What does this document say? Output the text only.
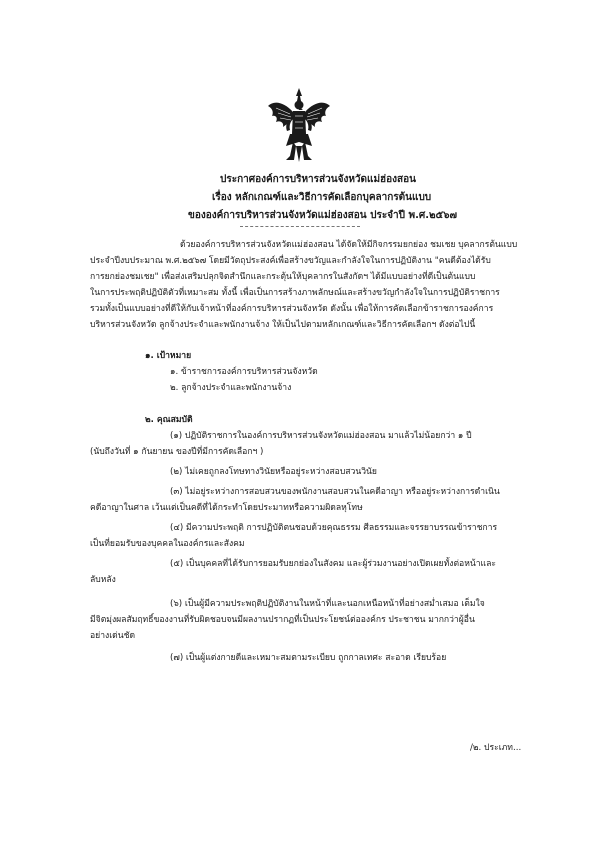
ประกาศองค์การบริหารส่วนจังหวัดแม่ฮ่องสอน
เรื่อง หลักเกณฑ์และวิธีการคัดเลือกบุคลากรต้นแบบ
ขององค์การบริหารส่วนจังหวัดแม่ฮ่องสอน ประจำปี พ.ศ.๒๕๖๗
ด้วยองค์การบริหารส่วนจังหวัดแม่ฮ่องสอน ได้จัดให้มีกิจกรรมยกย่อง ชมเชย บุคลากรต้นแบบ
ประจำปีงบประมาณ พ.ศ.๒๕๖๗ โดยมีวัตถุประสงค์เพื่อสร้างขวัญและกำลังใจในการปฏิบัติงาน "คนดีต้องได้รับ
การยกย่องชมเชย" เพื่อส่งเสริมปลุกจิตสำนึกและกระตุ้นให้บุคลากรในสังกัดฯ ได้มีแบบอย่างที่ดีเป็นต้นแบบ
ในการประพฤติปฏิบัติตัวที่เหมาะสม ทั้งนี้ เพื่อเป็นการสร้างภาพลักษณ์และสร้างขวัญกำลังใจในการปฏิบัติราชการ
รวมทั้งเป็นแบบอย่างที่ดีให้กับเจ้าหน้าที่องค์การบริหารส่วนจังหวัด ดังนั้น เพื่อให้การคัดเลือกข้าราชการองค์การ
บริหารส่วนจังหวัด ลูกจ้างประจำและพนักงานจ้าง ให้เป็นไปตามหลักเกณฑ์และวิธีการคัดเลือกฯ ดังต่อไปนี้
๑. เป้าหมาย
๑. ข้าราชการองค์การบริหารส่วนจังหวัด
๒. ลูกจ้างประจำและพนักงานจ้าง
๒. คุณสมบัติ
(๑) ปฏิบัติราชการในองค์การบริหารส่วนจังหวัดแม่ฮ่องสอน มาแล้วไม่น้อยกว่า ๑ ปี
(นับถึงวันที่ ๑ กันยายน ของปีที่มีการคัดเลือกฯ )
(๒) ไม่เคยถูกลงโทษทางวินัยหรืออยู่ระหว่างสอบสวนวินัย
(๓) ไม่อยู่ระหว่างการสอบสวนของพนักงานสอบสวนในคดีอาญา หรืออยู่ระหว่างการดำเนิน
คดีอาญาในศาล เว้นแต่เป็นคดีที่ได้กระทำโดยประมาทหรือความผิดลหุโทษ
(๔) มีความประพฤติ การปฏิบัติตนชอบด้วยคุณธรรม ศีลธรรมและจรรยาบรรณข้าราชการ
เป็นที่ยอมรับของบุคคลในองค์กรและสังคม
(๕) เป็นบุคคลที่ได้รับการยอมรับยกย่องในสังคม และผู้ร่วมงานอย่างเปิดเผยทั้งต่อหน้าและ
ลับหลัง
(๖) เป็นผู้มีความประพฤติปฏิบัติงานในหน้าที่และนอกเหนือหน้าที่อย่างสม่ำเสมอ เต็มใจ
มีจิตมุ่งผลสัมฤทธิ์ของงานที่รับผิดชอบจนมีผลงานปรากฏที่เป็นประโยชน์ต่อองค์กร ประชาชน มากกว่าผู้อื่น
อย่างเด่นชัด
(๗) เป็นผู้แต่งกายดีและเหมาะสมตามระเบียบ ถูกกาลเทศะ สะอาด เรียบร้อย
/๒. ประเภท...
